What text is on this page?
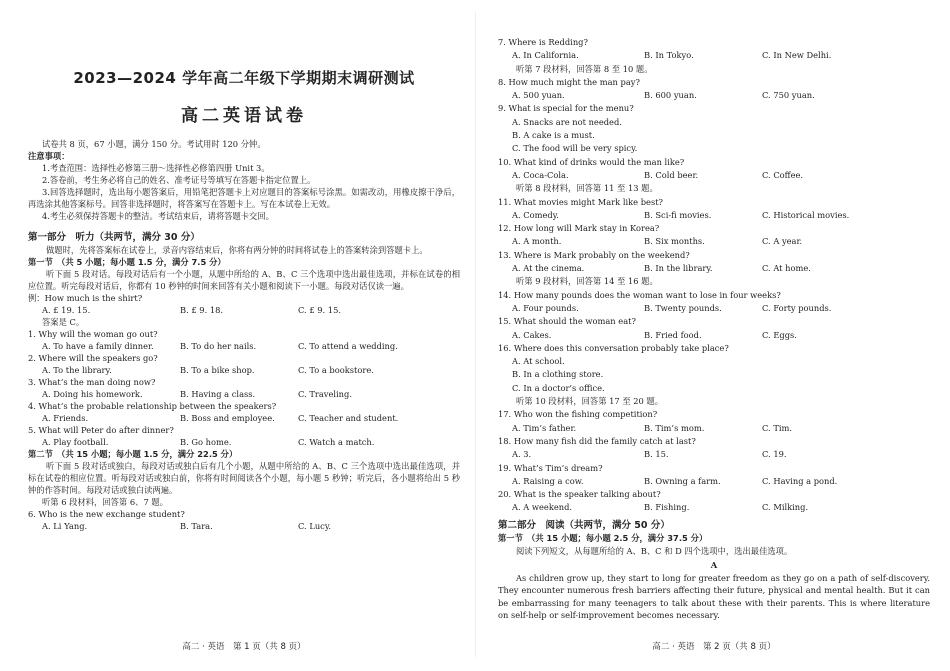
2023—2024 学年高二年级下学期期末调研测试
高二英语试卷
试卷共 8 页，67 小题，满分 150 分。考试用时 120 分钟。
注意事项：
1.考查范围：选择性必修第三册～选择性必修第四册 Unit 3。
2.答卷前，考生务必将自己的姓名、准考证号等填写在答题卡指定位置上。
3.回答选择题时，选出每小题答案后，用铅笔把答题卡上对应题目的答案标号涂黑。如需改动，用橡皮擦干净后，再选涂其他答案标号。回答非选择题时，将答案写在答题卡上。写在本试卷上无效。
4.考生必须保持答题卡的整洁。考试结束后，请将答题卡交回。
第一部分　听力（共两节，满分 30 分）
做题时，先将答案标在试卷上，录音内容结束后，你将有两分钟的时间将试卷上的答案转涂到答题卡上。
第一节　（共 5 小题；每小题 1.5 分，满分 7.5 分）
听下面 5 段对话。每段对话后有一个小题，从题中所给的 A、B、C 三个选项中选出最佳选项，并标在试卷的相应位置。听完每段对话后，你都有 10 秒钟的时间来回答有关小题和阅读下一小题。每段对话仅读一遍。
例：How much is the shirt?
A. £ 19. 15.	B. £ 9. 18.	C. £ 9. 15.
答案是 C。
1. Why will the woman go out?
A. To have a family dinner.	B. To do her nails.	C. To attend a wedding.
2. Where will the speakers go?
A. To the library.	B. To a bike shop.	C. To a bookstore.
3. What’s the man doing now?
A. Doing his homework.	B. Having a class.	C. Traveling.
4. What’s the probable relationship between the speakers?
A. Friends.	B. Boss and employee.	C. Teacher and student.
5. What will Peter do after dinner?
A. Play football.	B. Go home.	C. Watch a match.
第二节　（共 15 小题；每小题 1.5 分，满分 22.5 分）
听下面 5 段对话或独白，每段对话或独白后有几个小题，从题中所给的 A、B、C 三个选项中选出最佳选项，并标在试卷的相应位置。听每段对话或独白前，你将有时间阅读各个小题，每小题 5 秒钟；听完后，各小题将给出 5 秒钟的作答时间。每段对话或独白读两遍。
听第 6 段材料，回答第 6、7 题。
6. Who is the new exchange student?
A. Li Yang.	B. Tara.	C. Lucy.
高二 · 英语　第 1 页（共 8 页）
7. Where is Redding?
A. In California.	B. In Tokyo.	C. In New Delhi.
听第 7 段材料，回答第 8 至 10 题。
8. How much might the man pay?
A. 500 yuan.	B. 600 yuan.	C. 750 yuan.
9. What is special for the menu?
A. Snacks are not needed.
B. A cake is a must.
C. The food will be very spicy.
10. What kind of drinks would the man like?
A. Coca-Cola.	B. Cold beer.	C. Coffee.
听第 8 段材料，回答第 11 至 13 题。
11. What movies might Mark like best?
A. Comedy.	B. Sci-fi movies.	C. Historical movies.
12. How long will Mark stay in Korea?
A. A month.	B. Six months.	C. A year.
13. Where is Mark probably on the weekend?
A. At the cinema.	B. In the library.	C. At home.
听第 9 段材料，回答第 14 至 16 题。
14. How many pounds does the woman want to lose in four weeks?
A. Four pounds.	B. Twenty pounds.	C. Forty pounds.
15. What should the woman eat?
A. Cakes.	B. Fried food.	C. Eggs.
16. Where does this conversation probably take place?
A. At school.
B. In a clothing store.
C. In a doctor’s office.
听第 10 段材料，回答第 17 至 20 题。
17. Who won the fishing competition?
A. Tim’s father.	B. Tim’s mom.	C. Tim.
18. How many fish did the family catch at last?
A. 3.	B. 15.	C. 19.
19. What’s Tim’s dream?
A. Raising a cow.	B. Owning a farm.	C. Having a pond.
20. What is the speaker talking about?
A. A weekend.	B. Fishing.	C. Milking.
第二部分　阅读（共两节，满分 50 分）
第一节　（共 15 小题；每小题 2.5 分，满分 37.5 分）
阅读下列短文，从每题所给的 A、B、C 和 D 四个选项中，选出最佳选项。
A
As children grow up, they start to long for greater freedom as they go on a path of self-discovery. They encounter numerous fresh barriers affecting their future, physical and mental health. But it can be embarrassing for many teenagers to talk about these with their parents. This is where literature on self-help or self-improvement becomes necessary.
高二 · 英语　第 2 页（共 8 页）
